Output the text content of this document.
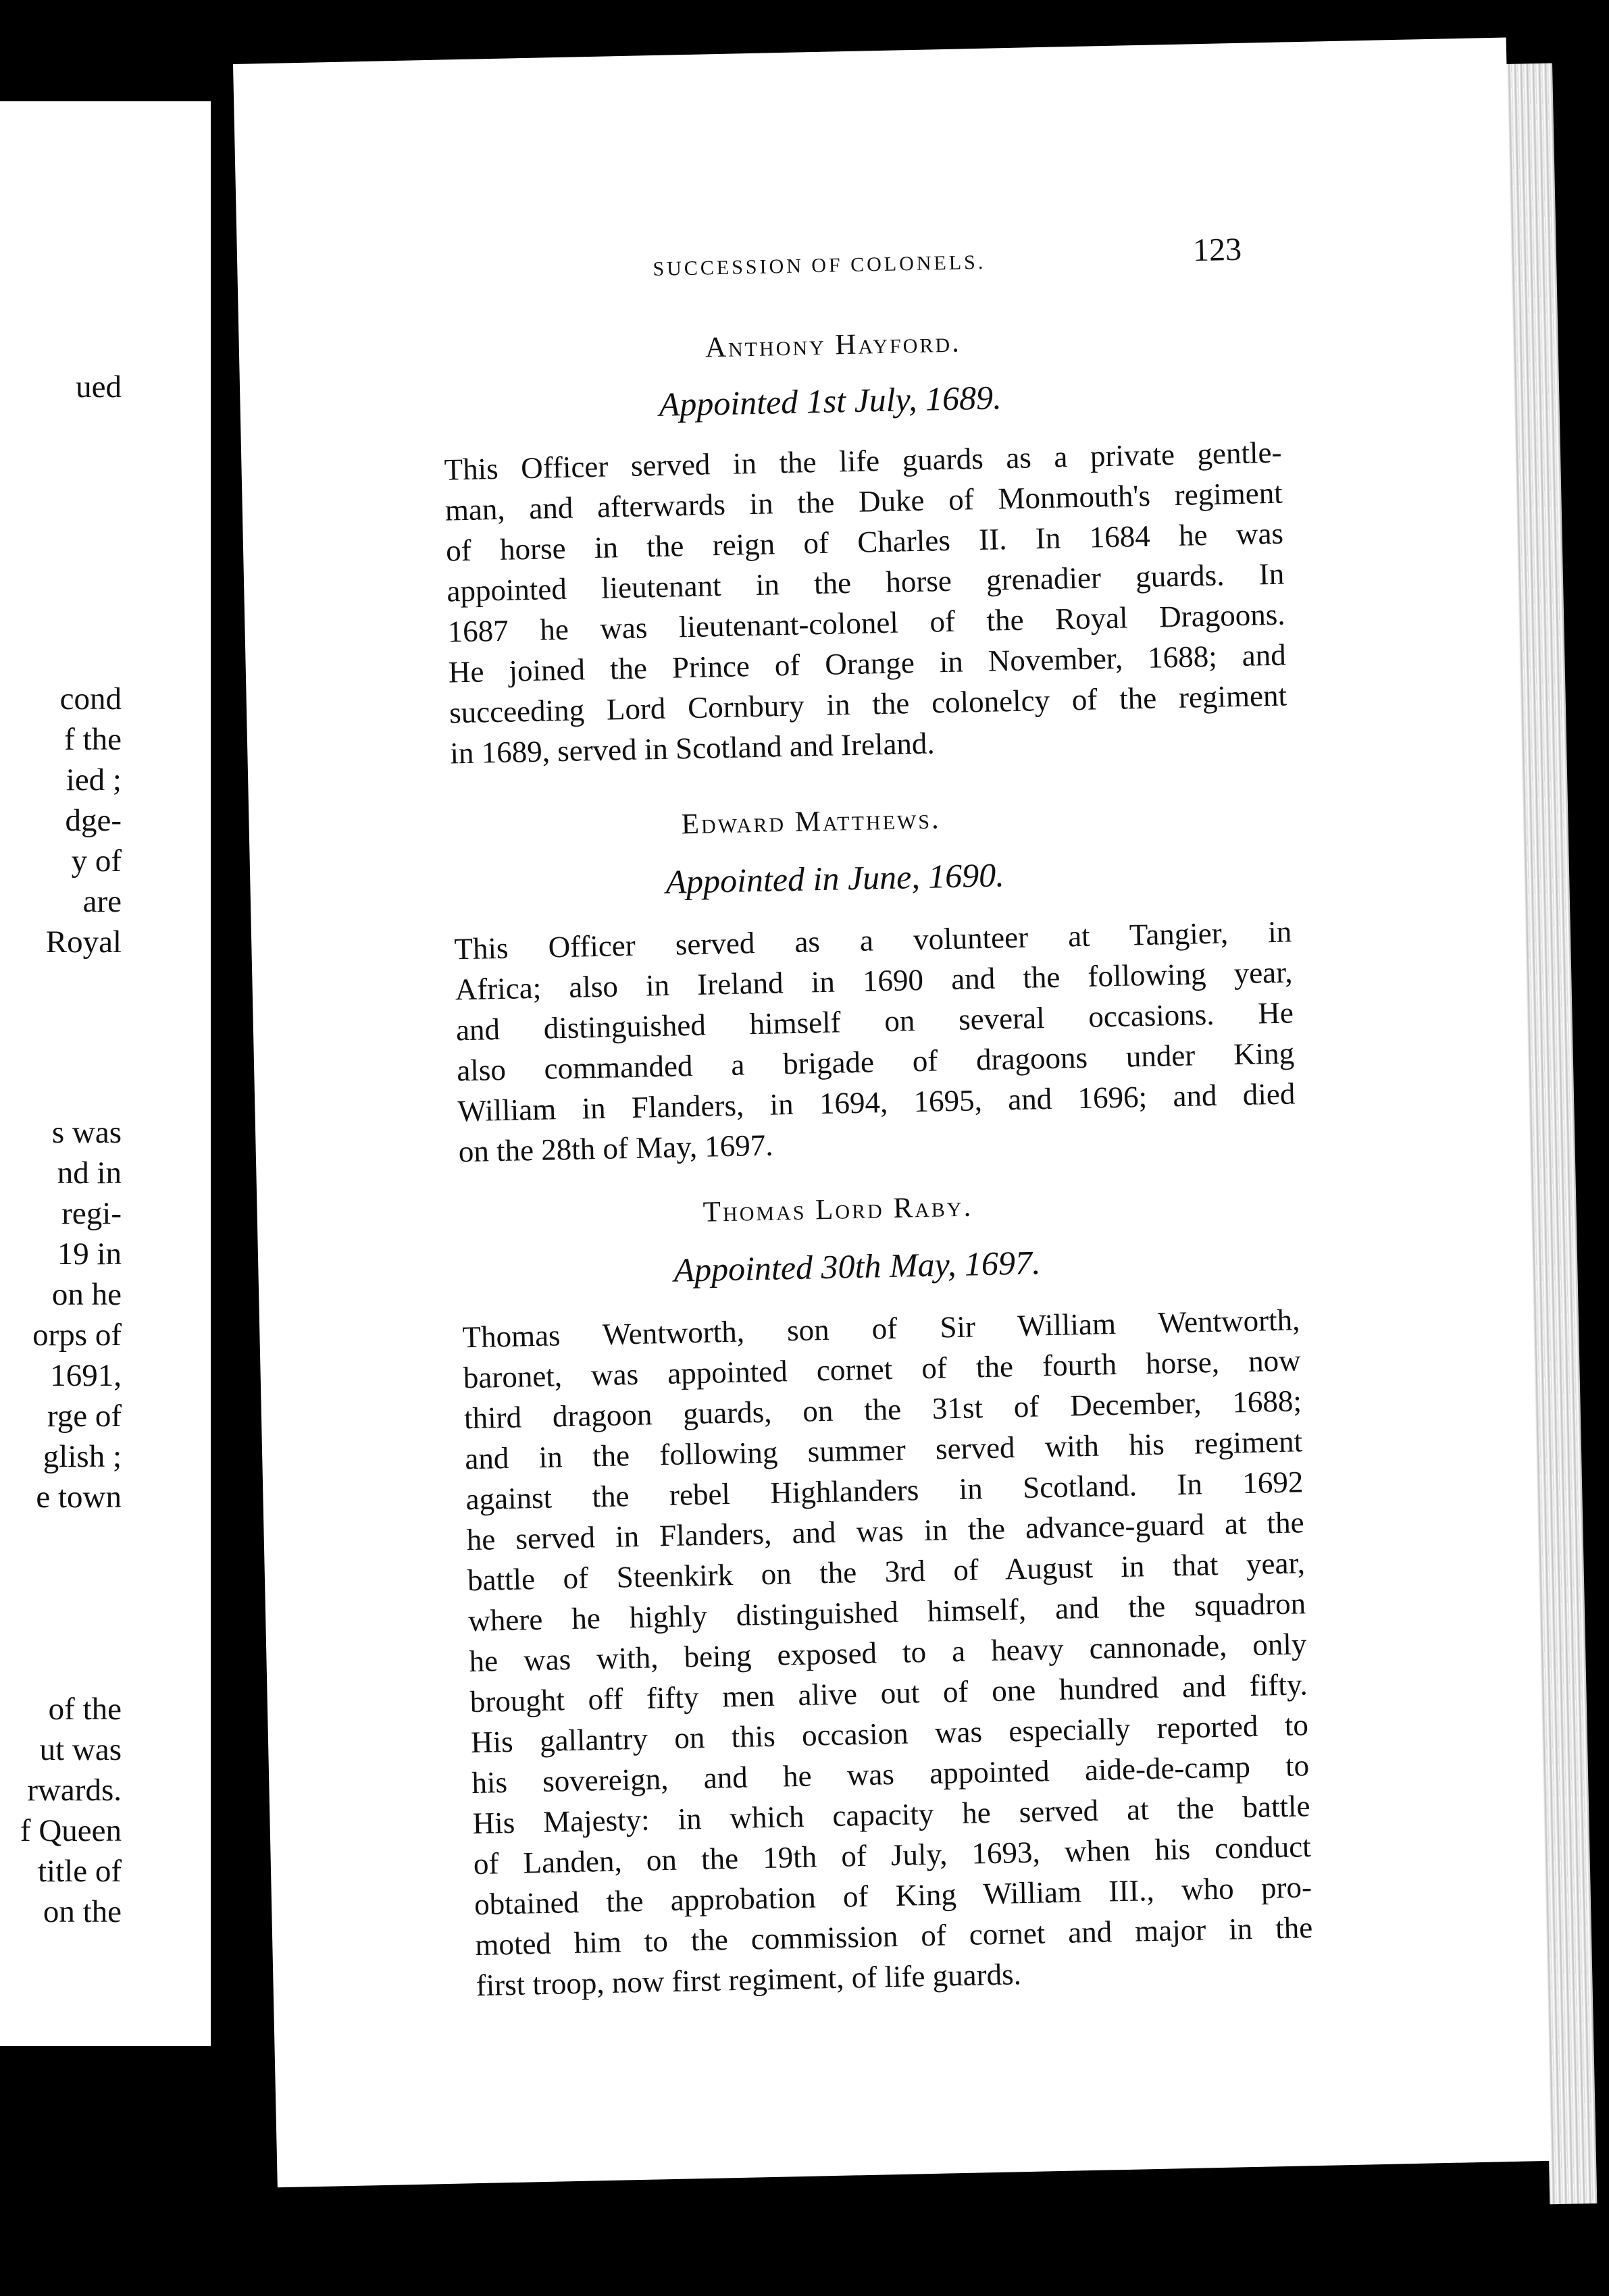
ued
cond
f the
ied ;
dge-
y of
are
Royal
s was
nd in
regi-
19 in
on he
orps of
1691,
rge of
glish ;
e town
of the
ut was
rwards.
f Queen
title of
on the
SUCCESSION OF COLONELS.	123
Anthony Hayford.
Appointed 1st July, 1689.
This Officer served in the life guards as a private gentle-
man, and afterwards in the Duke of Monmouth's regiment
of horse in the reign of Charles II. In 1684 he was
appointed lieutenant in the horse grenadier guards. In
1687 he was lieutenant-colonel of the Royal Dragoons.
He joined the Prince of Orange in November, 1688; and
succeeding Lord Cornbury in the colonelcy of the regiment
in 1689, served in Scotland and Ireland.
Edward Matthews.
Appointed in June, 1690.
This Officer served as a volunteer at Tangier, in
Africa; also in Ireland in 1690 and the following year,
and distinguished himself on several occasions. He
also commanded a brigade of dragoons under King
William in Flanders, in 1694, 1695, and 1696; and died
on the 28th of May, 1697.
Thomas Lord Raby.
Appointed 30th May, 1697.
Thomas Wentworth, son of Sir William Wentworth,
baronet, was appointed cornet of the fourth horse, now
third dragoon guards, on the 31st of December, 1688;
and in the following summer served with his regiment
against the rebel Highlanders in Scotland. In 1692
he served in Flanders, and was in the advance-guard at the
battle of Steenkirk on the 3rd of August in that year,
where he highly distinguished himself, and the squadron
he was with, being exposed to a heavy cannonade, only
brought off fifty men alive out of one hundred and fifty.
His gallantry on this occasion was especially reported to
his sovereign, and he was appointed aide-de-camp to
His Majesty: in which capacity he served at the battle
of Landen, on the 19th of July, 1693, when his conduct
obtained the approbation of King William III., who pro-
moted him to the commission of cornet and major in the
first troop, now first regiment, of life guards.
